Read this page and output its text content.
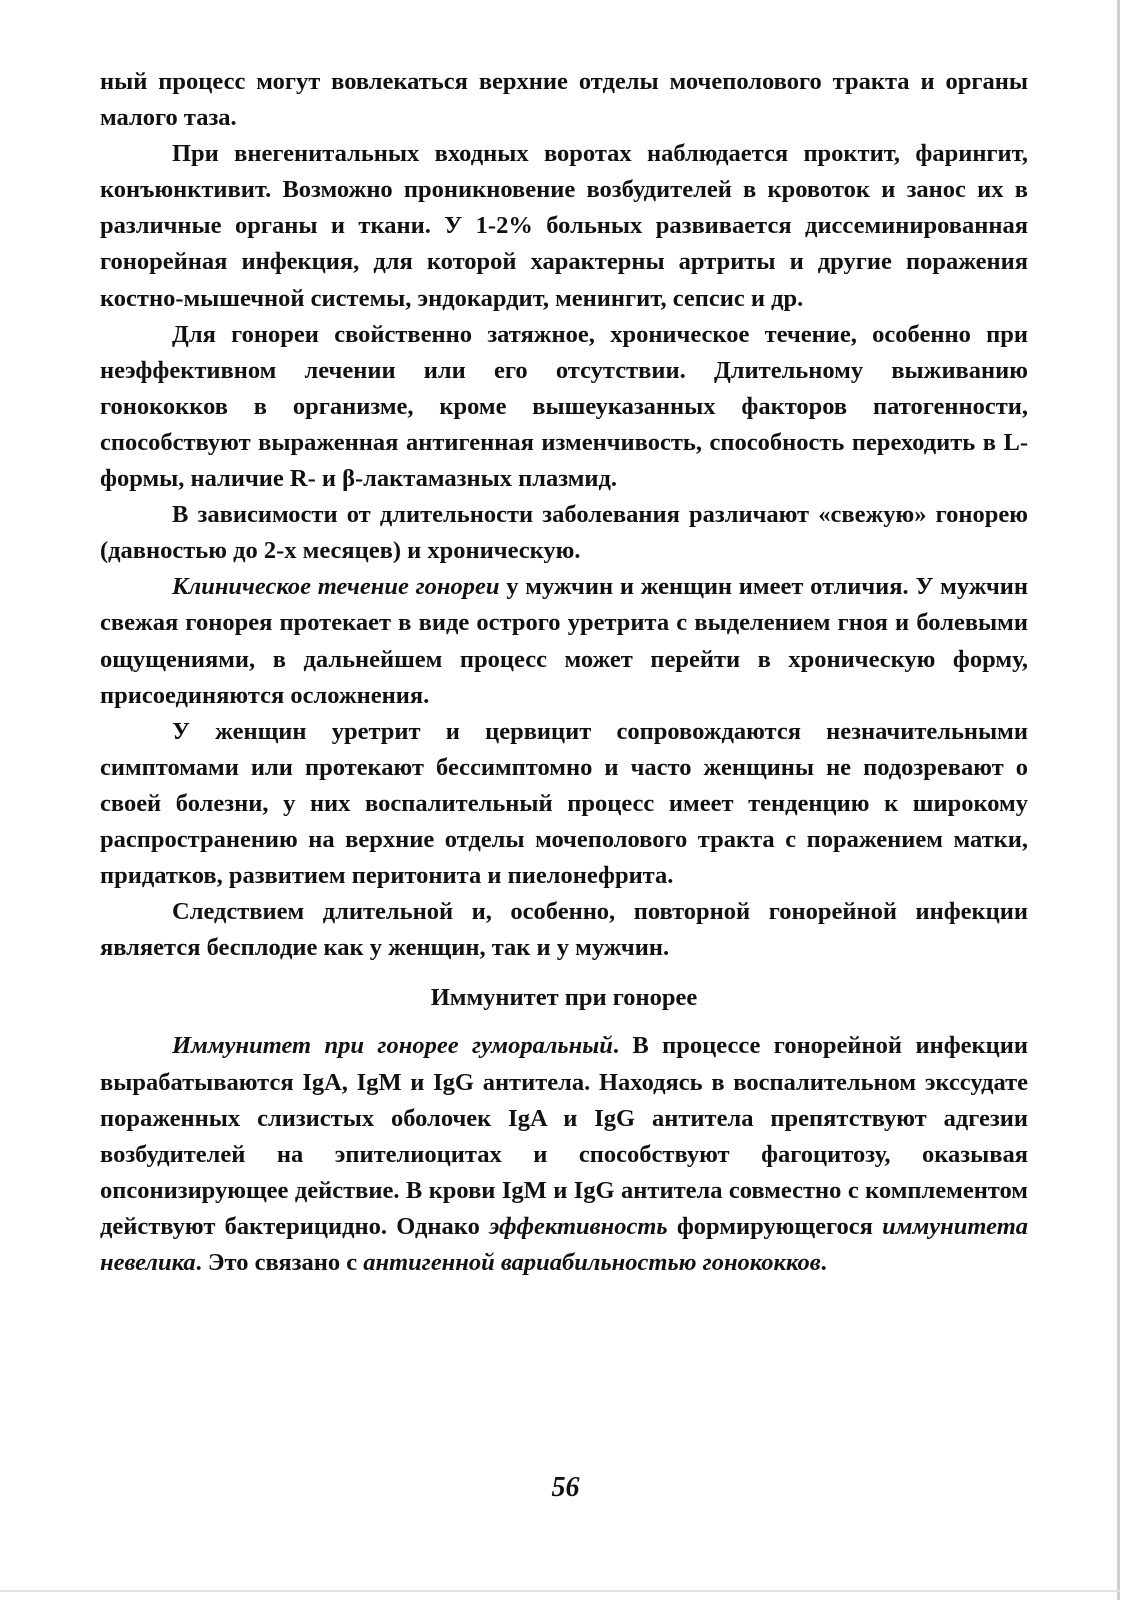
ный процесс могут вовлекаться верхние отделы мочеполового тракта и органы малого таза.

При внегенитальных входных воротах наблюдается проктит, фарингит, конъюнктивит. Возможно проникновение возбудителей в кровоток и занос их в различные органы и ткани. У 1-2% больных развивается диссеминированная гонорейная инфекция, для которой характерны артриты и другие поражения костно-мышечной системы, эндокардит, менингит, сепсис и др.

Для гонореи свойственно затяжное, хроническое течение, особенно при неэффективном лечении или его отсутствии. Длительному выживанию гонококков в организме, кроме вышеуказанных факторов патогенности, способствуют выраженная антигенная изменчивость, способность переходить в L-формы, наличие R- и β-лактамазных плазмид.

В зависимости от длительности заболевания различают «свежую» гонорею (давностью до 2-х месяцев) и хроническую.

Клиническое течение гонореи у мужчин и женщин имеет отличия. У мужчин свежая гонорея протекает в виде острого уретрита с выделением гноя и болевыми ощущениями, в дальнейшем процесс может перейти в хроническую форму, присоединяются осложнения.

У женщин уретрит и цервицит сопровождаются незначительными симптомами или протекают бессимптомно и часто женщины не подозревают о своей болезни, у них воспалительный процесс имеет тенденцию к широкому распространению на верхние отделы мочеполового тракта с поражением матки, придатков, развитием перитонита и пиелонефрита.

Следствием длительной и, особенно, повторной гонорейной инфекции является бесплодие как у женщин, так и у мужчин.

Иммунитет при гонорее

Иммунитет при гонорее гуморальный. В процессе гонорейной инфекции вырабатываются IgA, IgM и IgG антитела. Находясь в воспалительном экссудате пораженных слизистых оболочек IgA и IgG антитела препятствуют адгезии возбудителей на эпителиоцитах и способствуют фагоцитозу, оказывая опсонизирующее действие. В крови IgM и IgG антитела совместно с комплементом действуют бактерицидно. Однако эффективность формирующегося иммунитета невелика. Это связано с антигенной вариабильностью гонококков.

56
